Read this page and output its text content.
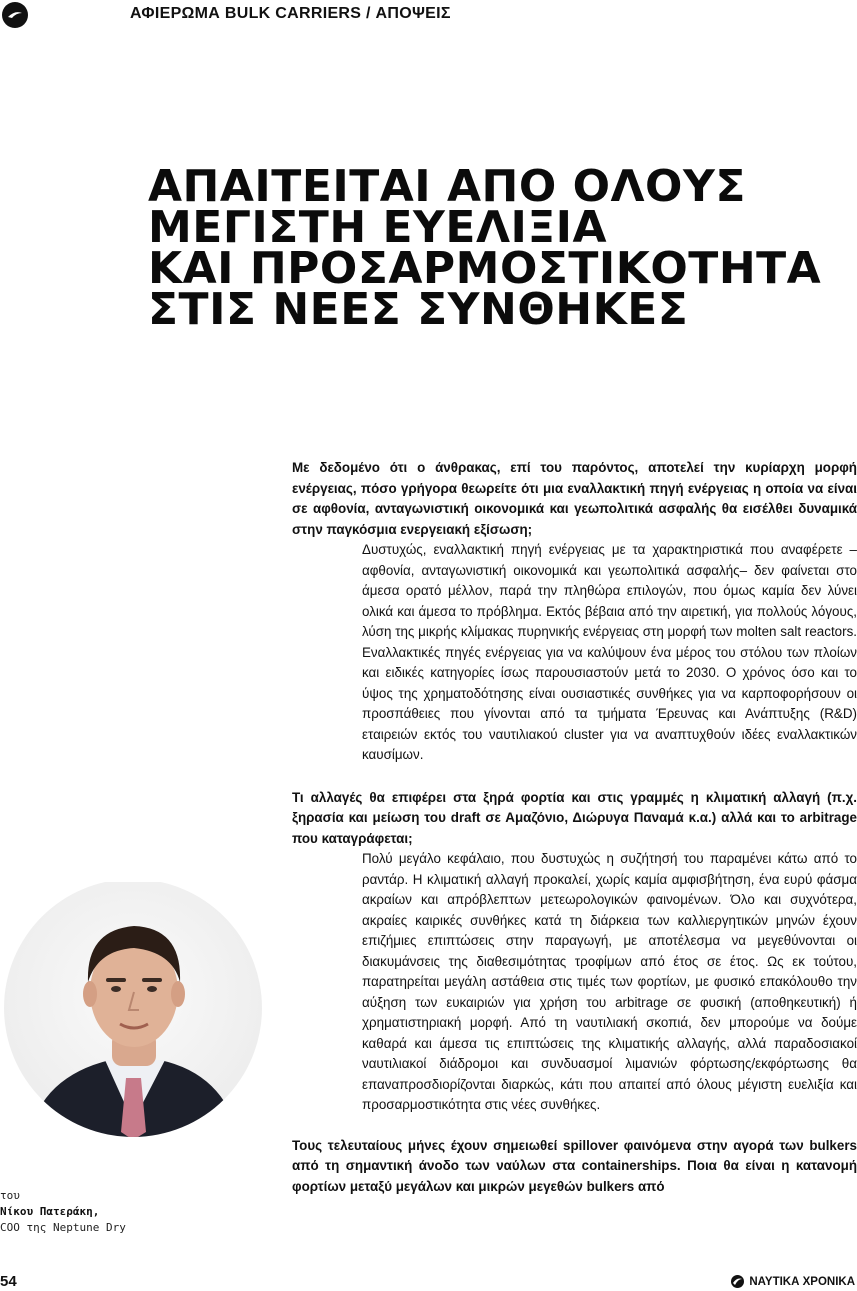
ΑΦΙΕΡΩΜΑ BULK CARRIERS / ΑΠΟΨΕΙΣ
ΑΠΑΙΤΕΙΤΑΙ ΑΠΟ ΟΛΟΥΣ
ΜΕΓΙΣΤΗ ΕΥΕΛΙΞΙΑ
ΚΑΙ ΠΡΟΣΑΡΜΟΣΤΙΚΟΤΗΤΑ
ΣΤΙΣ ΝΕΕΣ ΣΥΝΘΗΚΕΣ

Με δεδομένο ότι ο άνθρακας, επί του παρόντος, αποτελεί την κυρίαρχη μορφή ενέργειας, πόσο γρήγορα θεωρείτε ότι μια εναλλακτική πηγή ενέργειας η οποία να είναι σε αφθονία, ανταγωνιστική οικονομικά και γεωπολιτικά ασφαλής θα εισέλθει δυναμικά στην παγκόσμια ενεργειακή εξίσωση;

Δυστυχώς, εναλλακτική πηγή ενέργειας με τα χαρακτηριστικά που αναφέρετε –αφθονία, ανταγωνιστική οικονομικά και γεωπολιτικά ασφαλής– δεν φαίνεται στο άμεσα ορατό μέλλον, παρά την πληθώρα επιλογών, που όμως καμία δεν λύνει ολικά και άμεσα το πρόβλημα. Εκτός βέβαια από την αιρετική, για πολλούς λόγους, λύση της μικρής κλίμακας πυρηνικής ενέργειας στη μορφή των molten salt reactors. Εναλλακτικές πηγές ενέργειας για να καλύψουν ένα μέρος του στόλου των πλοίων και ειδικές κατηγορίες ίσως παρουσιαστούν μετά το 2030. Ο χρόνος όσο και το ύψος της χρηματοδότησης είναι ουσιαστικές συνθήκες για να καρποφορήσουν οι προσπάθειες που γίνονται από τα τμήματα Έρευνας και Ανάπτυξης (R&D) εταιρειών εκτός του ναυτιλιακού cluster για να αναπτυχθούν ιδέες εναλλακτικών καυσίμων.

Τι αλλαγές θα επιφέρει στα ξηρά φορτία και στις γραμμές η κλιματική αλλαγή (π.χ. ξηρασία και μείωση του draft σε Αμαζόνιο, Διώρυγα Παναμά κ.α.) αλλά και το arbitrage που καταγράφεται;

Πολύ μεγάλο κεφάλαιο, που δυστυχώς η συζήτησή του παραμένει κάτω από το ραντάρ. Η κλιματική αλλαγή προκαλεί, χωρίς καμία αμφισβήτηση, ένα ευρύ φάσμα ακραίων και απρόβλεπτων μετεωρολογικών φαινομένων. Όλο και συχνότερα, ακραίες καιρικές συνθήκες κατά τη διάρκεια των καλλιεργητικών μηνών έχουν επιζήμιες επιπτώσεις στην παραγωγή, με αποτέλεσμα να μεγεθύνονται οι διακυμάνσεις της διαθεσιμότητας τροφίμων από έτος σε έτος. Ως εκ τούτου, παρατηρείται μεγάλη αστάθεια στις τιμές των φορτίων, με φυσικό επακόλουθο την αύξηση των ευκαιριών για χρήση του arbitrage σε φυσική (αποθηκευτική) ή χρηματιστηριακή μορφή. Από τη ναυτιλιακή σκοπιά, δεν μπορούμε να δούμε καθαρά και άμεσα τις επιπτώσεις της κλιματικής αλλαγής, αλλά παραδοσιακοί ναυτιλιακοί διάδρομοι και συνδυασμοί λιμανιών φόρτωσης/εκφόρτωσης θα επαναπροσδιορίζονται διαρκώς, κάτι που απαιτεί από όλους μέγιστη ευελιξία και προσαρμοστικότητα στις νέες συνθήκες.

Τους τελευταίους μήνες έχουν σημειωθεί spillover φαινόμενα στην αγορά των bulkers από τη σημαντική άνοδο των ναύλων στα containerships. Ποια θα είναι η κατανομή φορτίων μεταξύ μεγάλων και μικρών μεγεθών bulkers από

του
Νίκου Πατεράκη,
COO της Neptune Dry
54	ΝΑΥΤΙΚΑ ΧΡΟΝΙΚΑ
